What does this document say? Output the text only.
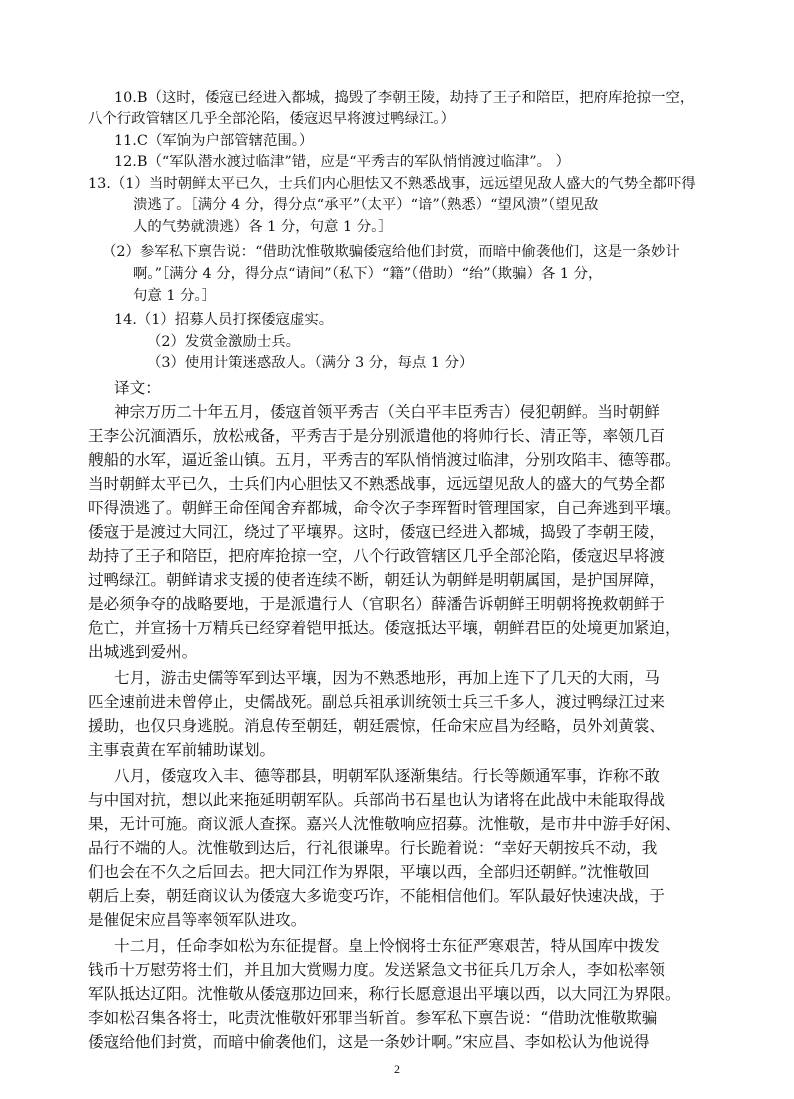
10.B（这时，倭寇已经进入都城，捣毁了李朝王陵，劫持了王子和陪臣，把府库抢掠一空，
八个行政管辖区几乎全部沦陷，倭寇迟早将渡过鸭绿江。）
11.C（军饷为户部管辖范围。）
12.B（“军队潜水渡过临津”错，应是“平秀吉的军队悄悄渡过临津”。 ）
13.（1）当时朝鲜太平已久，士兵们内心胆怯又不熟悉战事，远远望见敌人盛大的气势全都吓得
溃逃了。［满分 4 分，得分点“承平”（太平）“谙”（熟悉）“望风溃”（望见敌
人的气势就溃逃）各 1 分，句意 1 分。］
（2）参军私下禀告说：“借助沈惟敬欺骗倭寇给他们封赏，而暗中偷袭他们，这是一条妙计
啊。”［满分 4 分，得分点“请间”（私下）“籍”（借助）“绐”（欺骗）各 1 分，
句意 1 分。］
14.（1）招募人员打探倭寇虚实。
（2）发赏金激励士兵。
（3）使用计策迷惑敌人。（满分 3 分，每点 1 分）
译文：
神宗万历二十年五月，倭寇首领平秀吉（关白平丰臣秀吉）侵犯朝鲜。当时朝鲜
王李公沉湎酒乐，放松戒备，平秀吉于是分别派遣他的将帅行长、清正等，率领几百
艘船的水军，逼近釜山镇。五月，平秀吉的军队悄悄渡过临津，分别攻陷丰、德等郡。
当时朝鲜太平已久，士兵们内心胆怯又不熟悉战事，远远望见敌人的盛大的气势全都
吓得溃逃了。朝鲜王命侄闻舍弃都城，命令次子李珲暂时管理国家，自己奔逃到平壤。
倭寇于是渡过大同江，绕过了平壤界。这时，倭寇已经进入都城，捣毁了李朝王陵，
劫持了王子和陪臣，把府库抢掠一空，八个行政管辖区几乎全部沦陷，倭寇迟早将渡
过鸭绿江。朝鲜请求支援的使者连续不断，朝廷认为朝鲜是明朝属国，是护国屏障，
是必须争夺的战略要地，于是派遣行人（官职名）薛潘告诉朝鲜王明朝将挽救朝鲜于
危亡，并宣扬十万精兵已经穿着铠甲抵达。倭寇抵达平壤，朝鲜君臣的处境更加紧迫，
出城逃到爱州。
七月，游击史儒等军到达平壤，因为不熟悉地形，再加上连下了几天的大雨，马
匹全速前进未曾停止，史儒战死。副总兵祖承训统领士兵三千多人，渡过鸭绿江过来
援助，也仅只身逃脱。消息传至朝廷，朝廷震惊，任命宋应昌为经略，员外刘黄裳、
主事袁黄在军前辅助谋划。
八月，倭寇攻入丰、德等郡县，明朝军队逐渐集结。行长等颇通军事，诈称不敢
与中国对抗，想以此来拖延明朝军队。兵部尚书石星也认为诸将在此战中未能取得战
果，无计可施。商议派人查探。嘉兴人沈惟敬响应招募。沈惟敬，是市井中游手好闲、
品行不端的人。沈惟敬到达后，行礼很谦卑。行长跪着说：“幸好天朝按兵不动，我
们也会在不久之后回去。把大同江作为界限，平壤以西，全部归还朝鲜。”沈惟敬回
朝后上奏，朝廷商议认为倭寇大多诡变巧诈，不能相信他们。军队最好快速决战，于
是催促宋应昌等率领军队进攻。
十二月，任命李如松为东征提督。皇上怜悯将士东征严寒艰苦，特从国库中拨发
钱币十万慰劳将士们，并且加大赏赐力度。发送紧急文书征兵几万余人，李如松率领
军队抵达辽阳。沈惟敬从倭寇那边回来，称行长愿意退出平壤以西，以大同江为界限。
李如松召集各将士，叱责沈惟敬奸邪罪当斩首。参军私下禀告说：“借助沈惟敬欺骗
倭寇给他们封赏，而暗中偷袭他们，这是一条妙计啊。”宋应昌、李如松认为他说得
2
